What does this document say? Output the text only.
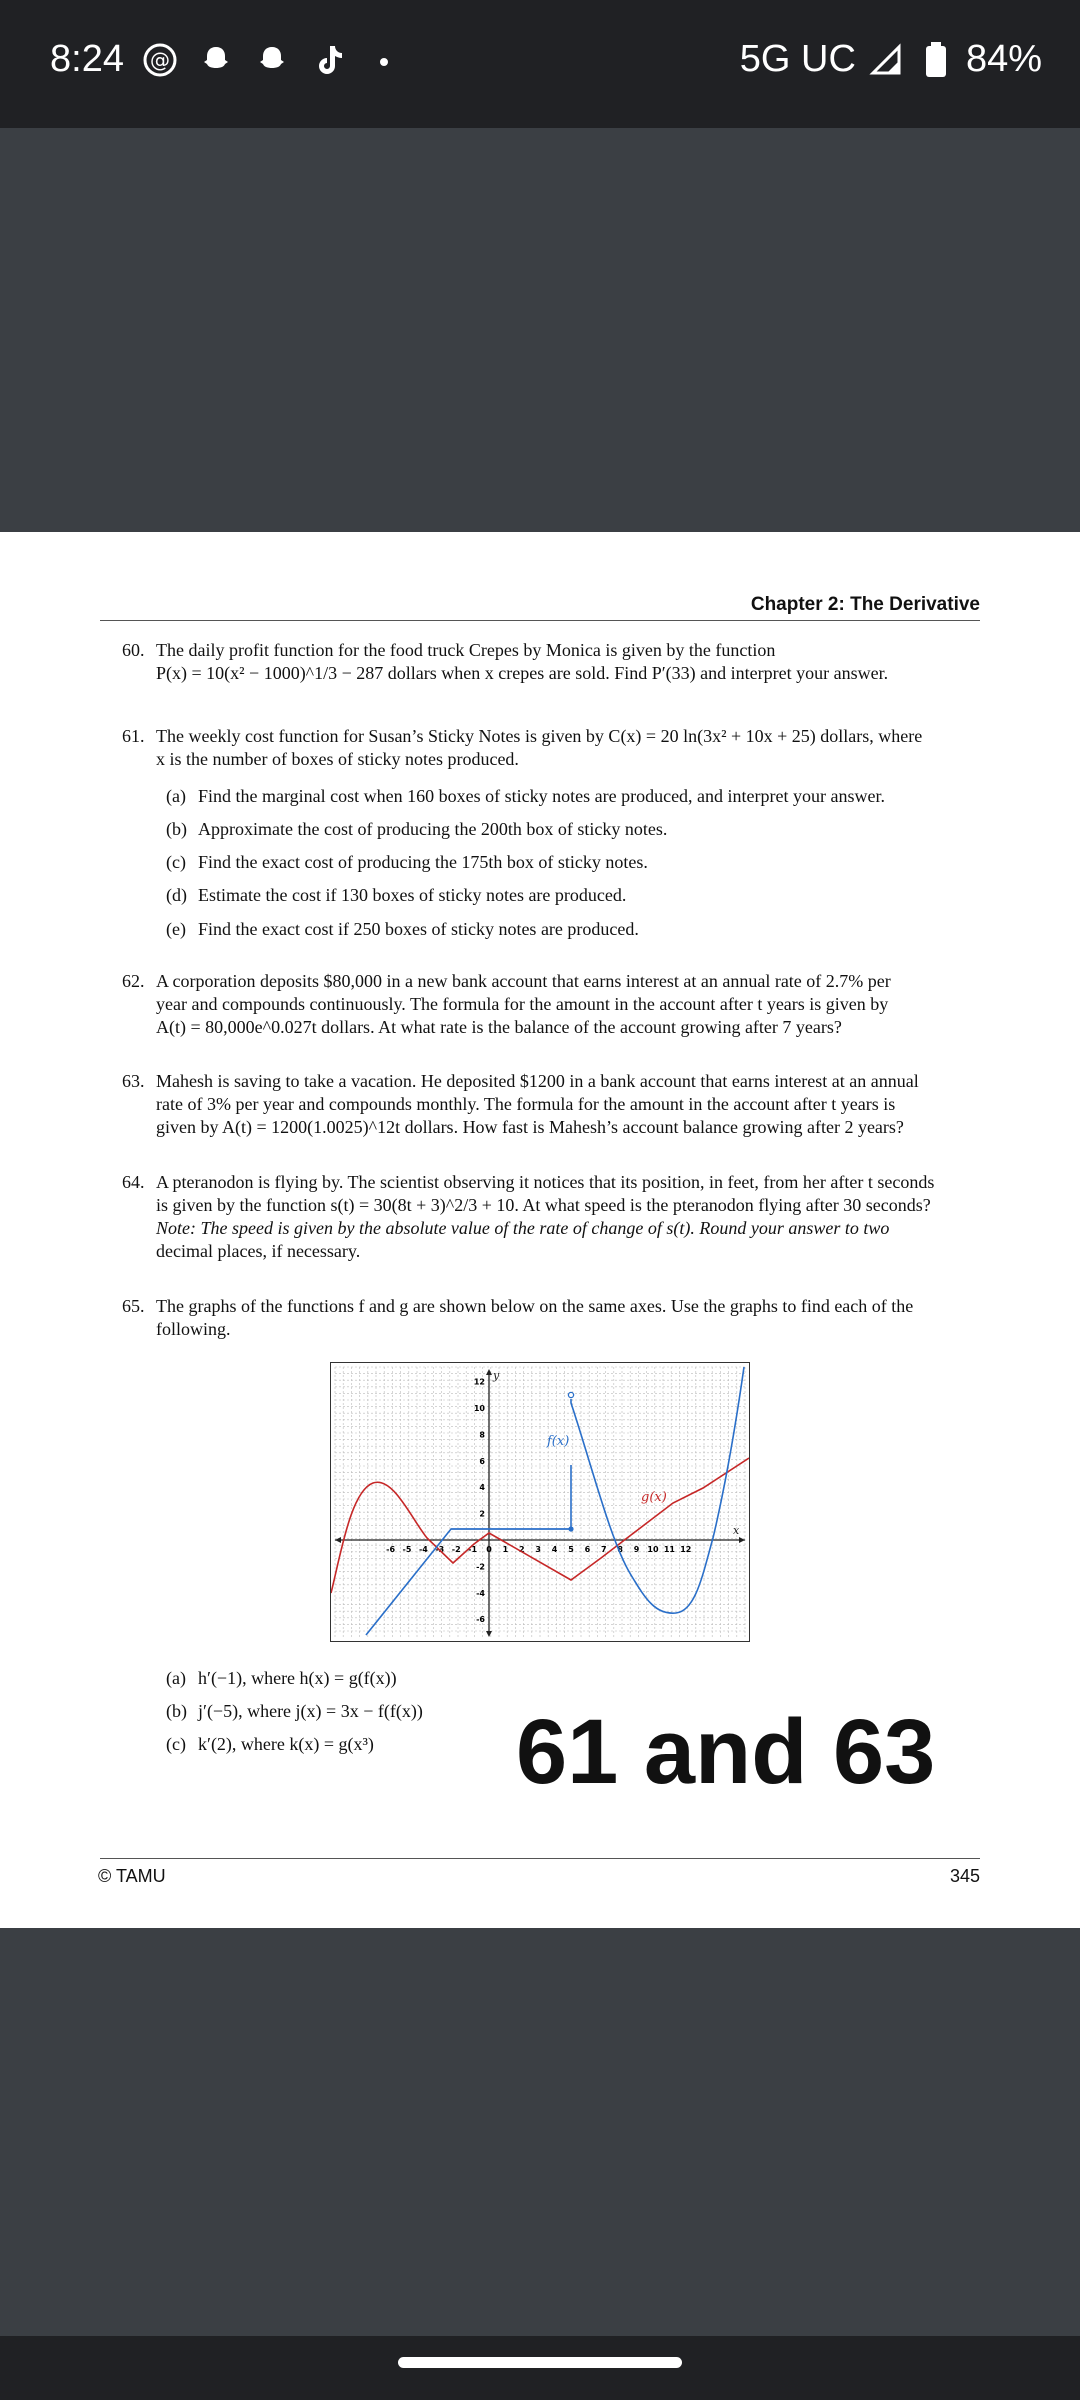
8:24 @	5G UC	84%
Chapter 2: The Derivative
60. The daily profit function for the food truck Crepes by Monica is given by the function
P(x) = 10(x² − 1000)^1/3 − 287 dollars when x crepes are sold. Find P′(33) and interpret your answer.
61. The weekly cost function for Susan’s Sticky Notes is given by C(x) = 20 ln(3x² + 10x + 25) dollars, where
x is the number of boxes of sticky notes produced.
(a) Find the marginal cost when 160 boxes of sticky notes are produced, and interpret your answer.
(b) Approximate the cost of producing the 200th box of sticky notes.
(c) Find the exact cost of producing the 175th box of sticky notes.
(d) Estimate the cost if 130 boxes of sticky notes are produced.
(e) Find the exact cost if 250 boxes of sticky notes are produced.
62. A corporation deposits $80,000 in a new bank account that earns interest at an annual rate of 2.7% per
year and compounds continuously. The formula for the amount in the account after t years is given by
A(t) = 80,000e^0.027t dollars. At what rate is the balance of the account growing after 7 years?
63. Mahesh is saving to take a vacation. He deposited $1200 in a bank account that earns interest at an annual
rate of 3% per year and compounds monthly. The formula for the amount in the account after t years is
given by A(t) = 1200(1.0025)^12t dollars. How fast is Mahesh’s account balance growing after 2 years?
64. A pteranodon is flying by. The scientist observing it notices that its position, in feet, from her after t seconds
is given by the function s(t) = 30(8t + 3)^2/3 + 10. At what speed is the pteranodon flying after 30 seconds?
Note: The speed is given by the absolute value of the rate of change of s(t). Round your answer to two
decimal places, if necessary.
65. The graphs of the functions f and g are shown below on the same axes. Use the graphs to find each of the
following.
-6 -5 -4 -3 -2 -1 0 1 2 3 4 5 6 7 8 9 10 11 12
12
10
8
6
4
2
-2
-4
-6
f(x)
g(x)
x
y
(a) h′(−1), where h(x) = g(f(x))
(b) j′(−5), where j(x) = 3x − f(f(x))
(c) k′(2), where k(x) = g(x³) 61 and 63
© TAMU	345
